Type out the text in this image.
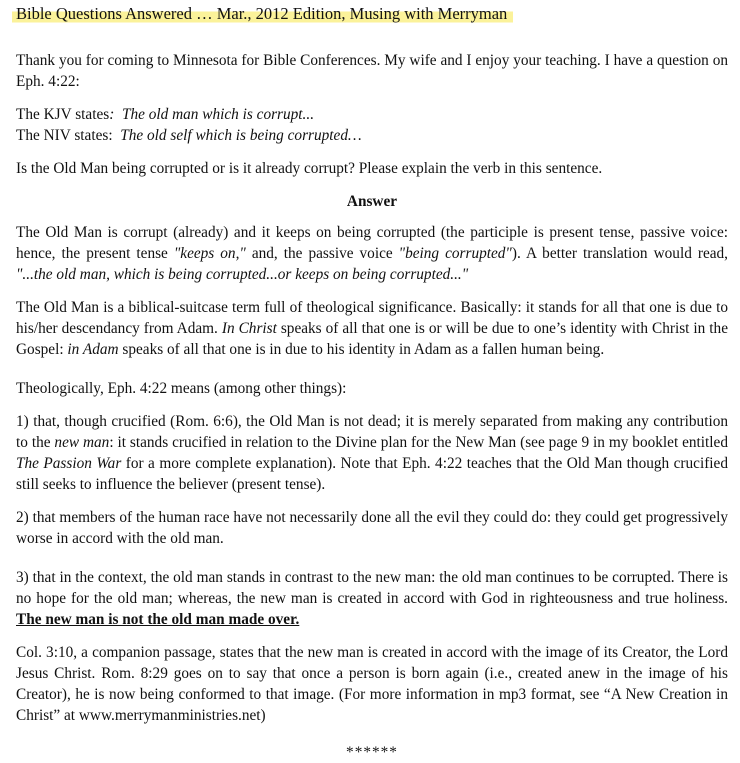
Bible Questions Answered … Mar., 2012 Edition, Musing with Merryman

Thank you for coming to Minnesota for Bible Conferences. My wife and I enjoy your teaching. I have a question on Eph. 4:22:

The KJV states: The old man which is corrupt...
The NIV states: The old self which is being corrupted…

Is the Old Man being corrupted or is it already corrupt? Please explain the verb in this sentence.

Answer

The Old Man is corrupt (already) and it keeps on being corrupted (the participle is present tense, passive voice: hence, the present tense "keeps on," and, the passive voice "being corrupted"). A better translation would read, "...the old man, which is being corrupted...or keeps on being corrupted..."

The Old Man is a biblical-suitcase term full of theological significance. Basically: it stands for all that one is due to his/her descendancy from Adam. In Christ speaks of all that one is or will be due to one’s identity with Christ in the Gospel: in Adam speaks of all that one is in due to his identity in Adam as a fallen human being.

Theologically, Eph. 4:22 means (among other things):

1) that, though crucified (Rom. 6:6), the Old Man is not dead; it is merely separated from making any contribution to the new man: it stands crucified in relation to the Divine plan for the New Man (see page 9 in my booklet entitled The Passion War for a more complete explanation). Note that Eph. 4:22 teaches that the Old Man though crucified still seeks to influence the believer (present tense).

2) that members of the human race have not necessarily done all the evil they could do: they could get progressively worse in accord with the old man.

3) that in the context, the old man stands in contrast to the new man: the old man continues to be corrupted. There is no hope for the old man; whereas, the new man is created in accord with God in righteousness and true holiness. The new man is not the old man made over.

Col. 3:10, a companion passage, states that the new man is created in accord with the image of its Creator, the Lord Jesus Christ. Rom. 8:29 goes on to say that once a person is born again (i.e., created anew in the image of his Creator), he is now being conformed to that image. (For more information in mp3 format, see “A New Creation in Christ” at www.merrymanministries.net)

******
